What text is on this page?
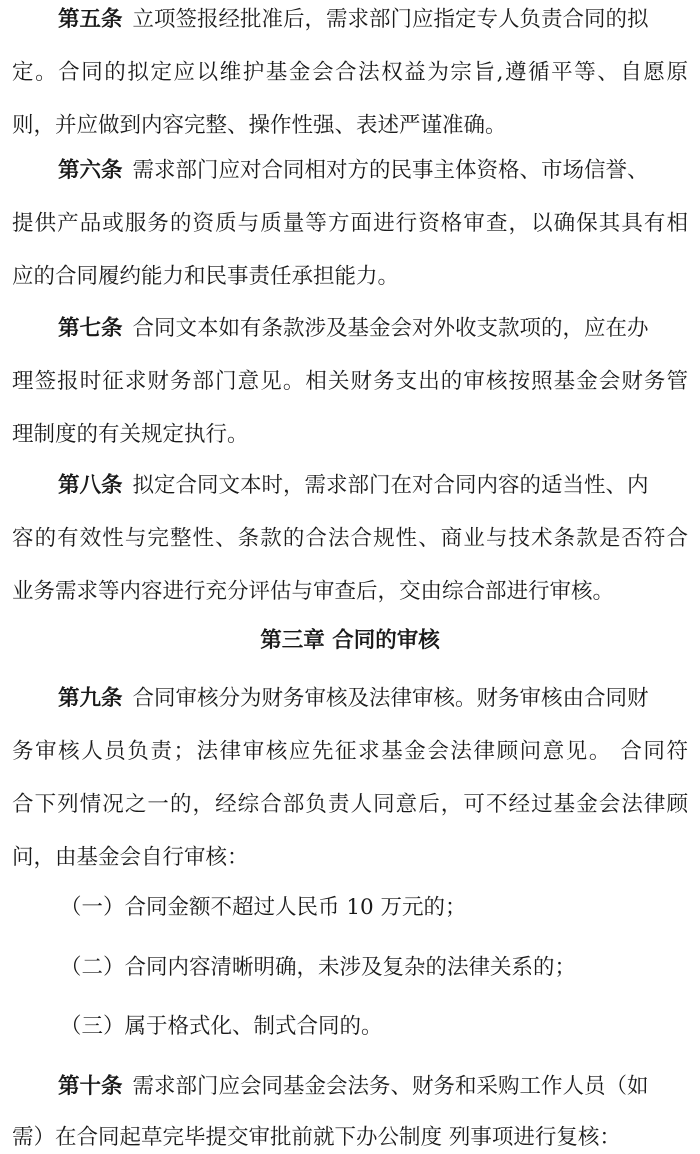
第五条 立项签报经批准后，需求部门应指定专人负责合同的拟
定。合同的拟定应以维护基金会合法权益为宗旨,遵循平等、自愿原
则，并应做到内容完整、操作性强、表述严谨准确。
第六条 需求部门应对合同相对方的民事主体资格、市场信誉、
提供产品或服务的资质与质量等方面进行资格审查，以确保其具有相
应的合同履约能力和民事责任承担能力。
第七条 合同文本如有条款涉及基金会对外收支款项的，应在办
理签报时征求财务部门意见。相关财务支出的审核按照基金会财务管
理制度的有关规定执行。
第八条 拟定合同文本时，需求部门在对合同内容的适当性、内
容的有效性与完整性、条款的合法合规性、商业与技术条款是否符合
业务需求等内容进行充分评估与审查后，交由综合部进行审核。
第三章 合同的审核
第九条 合同审核分为财务审核及法律审核。财务审核由合同财
务审核人员负责；法律审核应先征求基金会法律顾问意见。 合同符
合下列情况之一的，经综合部负责人同意后，可不经过基金会法律顾
问，由基金会自行审核：
（一）合同金额不超过人民币 10 万元的；
（二）合同内容清晰明确，未涉及复杂的法律关系的；
（三）属于格式化、制式合同的。
第十条 需求部门应会同基金会法务、财务和采购工作人员（如
需）在合同起草完毕提交审批前就下办公制度 列事项进行复核：
